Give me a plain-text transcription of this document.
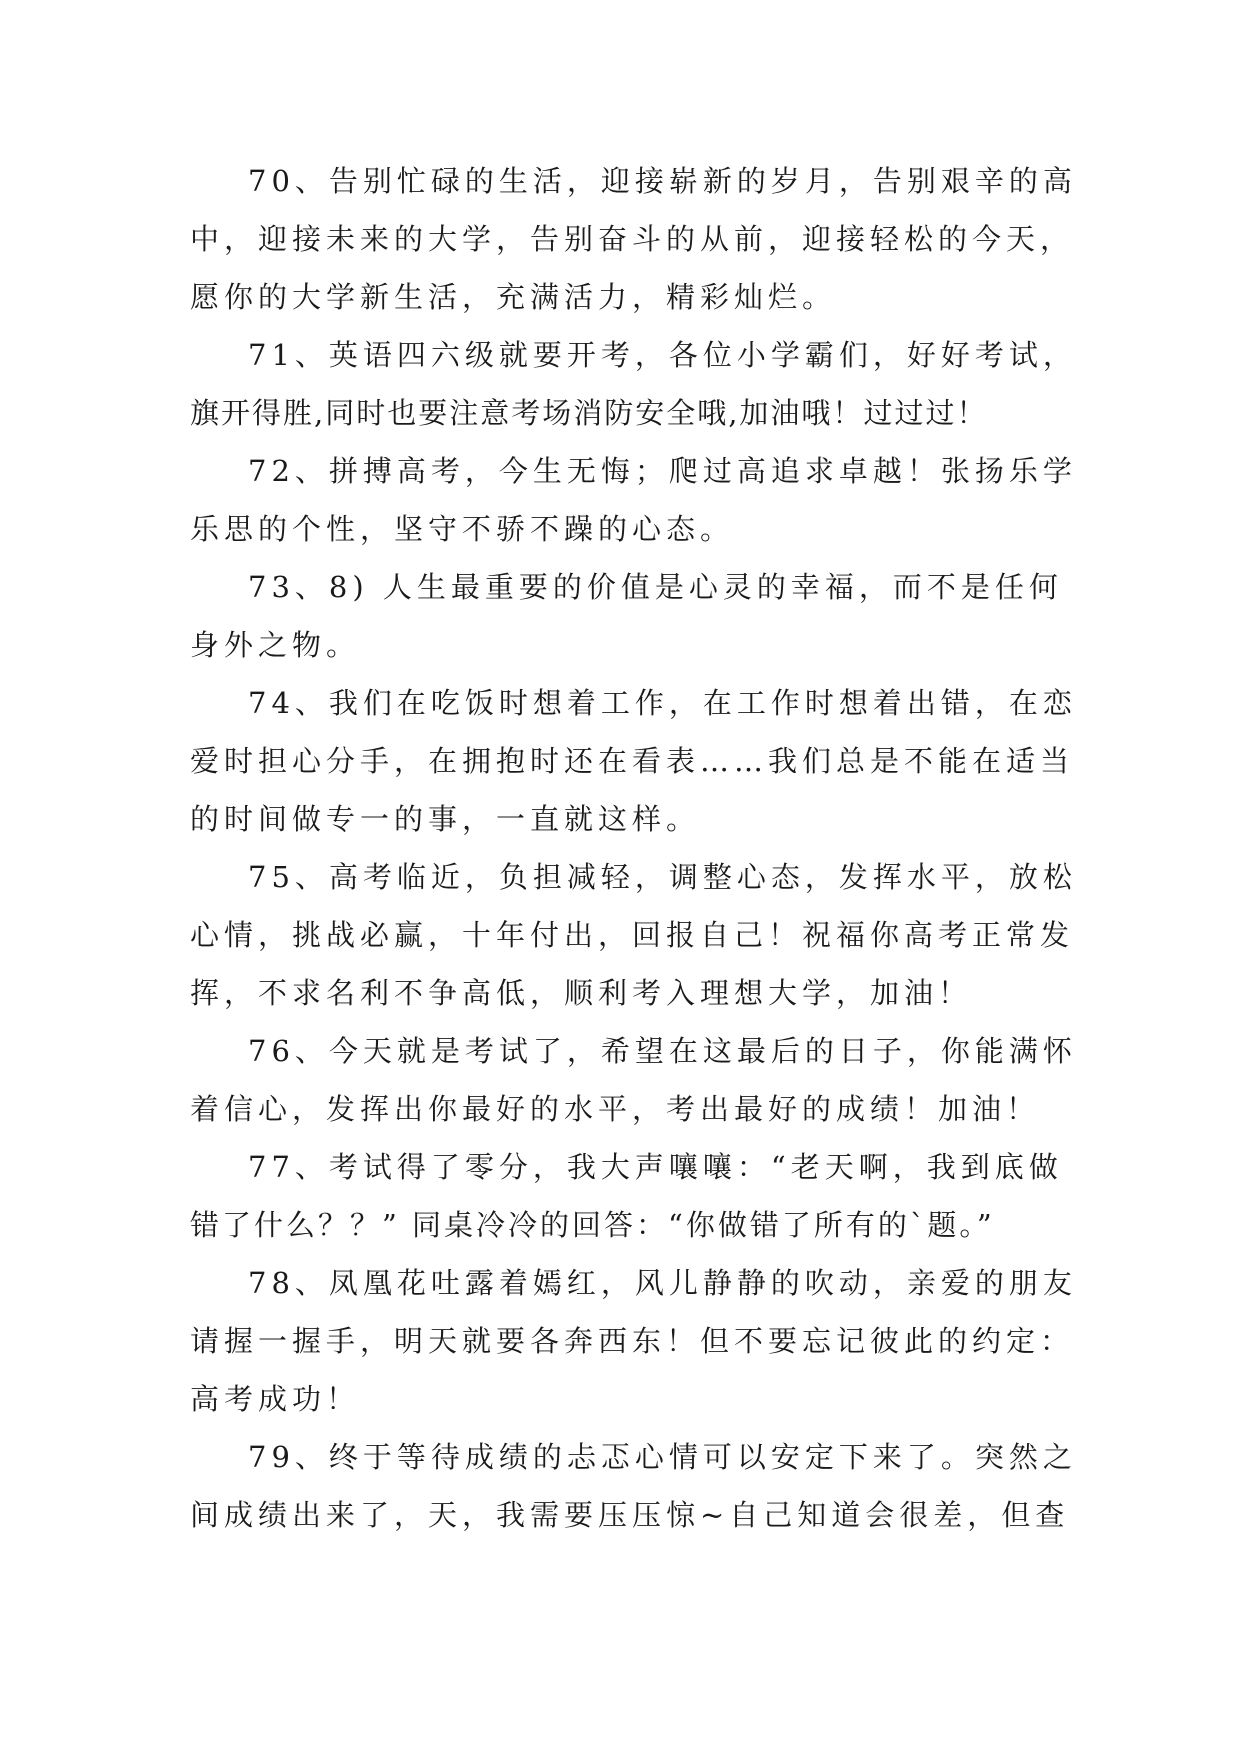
70、告别忙碌的生活，迎接崭新的岁月，告别艰辛的高
中，迎接未来的大学，告别奋斗的从前，迎接轻松的今天，
愿你的大学新生活，充满活力，精彩灿烂。

71、英语四六级就要开考，各位小学霸们，好好考试，
旗开得胜,同时也要注意考场消防安全哦,加油哦！过过过！

72、拼搏高考，今生无悔；爬过高追求卓越！张扬乐学
乐思的个性，坚守不骄不躁的心态。

73、8) 人生最重要的价值是心灵的幸福，而不是任何
身外之物。

74、我们在吃饭时想着工作，在工作时想着出错，在恋
爱时担心分手，在拥抱时还在看表……我们总是不能在适当
的时间做专一的事，一直就这样。

75、高考临近，负担减轻，调整心态，发挥水平，放松
心情，挑战必赢，十年付出，回报自己！祝福你高考正常发
挥，不求名利不争高低，顺利考入理想大学，加油！

76、今天就是考试了，希望在这最后的日子，你能满怀
着信心，发挥出你最好的水平，考出最好的成绩！加油！

77、考试得了零分，我大声嚷嚷：“老天啊，我到底做
错了什么？？” 同桌冷冷的回答：“你做错了所有的`题。”

78、凤凰花吐露着嫣红，风儿静静的吹动，亲爱的朋友
请握一握手，明天就要各奔西东！但不要忘记彼此的约定：
高考成功！

79、终于等待成绩的忐忑心情可以安定下来了。突然之
间成绩出来了，天，我需要压压惊~自己知道会很差，但查
